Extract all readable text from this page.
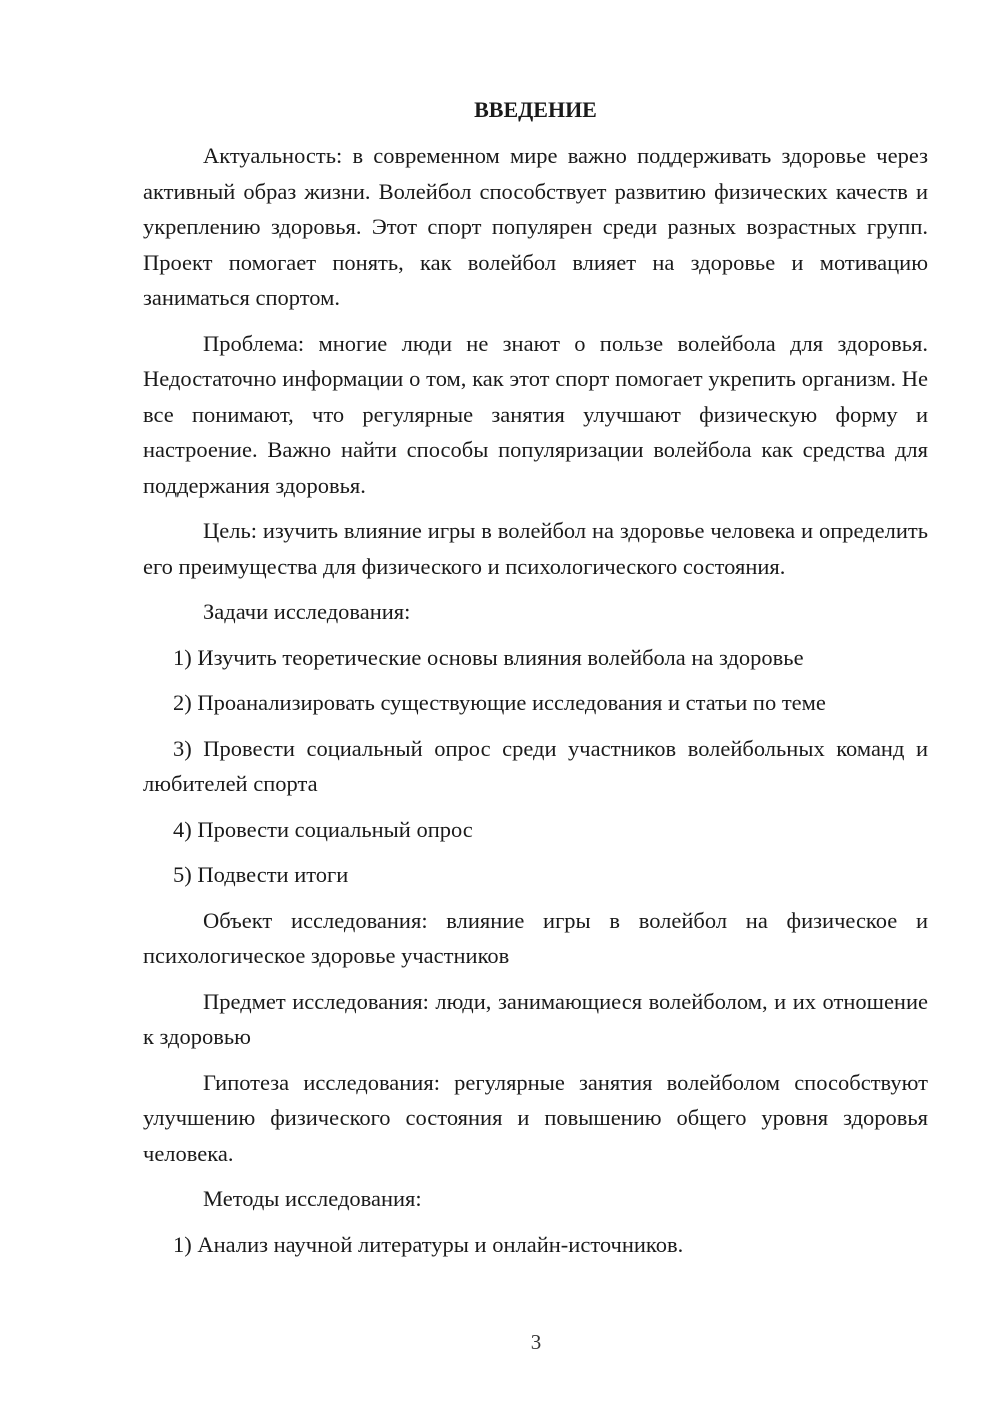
ВВЕДЕНИЕ

Актуальность: в современном мире важно поддерживать здоровье через активный образ жизни. Волейбол способствует развитию физических качеств и укреплению здоровья. Этот спорт популярен среди разных возрастных групп. Проект помогает понять, как волейбол влияет на здоровье и мотивацию заниматься спортом.

Проблема: многие люди не знают о пользе волейбола для здоровья. Недостаточно информации о том, как этот спорт помогает укрепить организм. Не все понимают, что регулярные занятия улучшают физическую форму и настроение. Важно найти способы популяризации волейбола как средства для поддержания здоровья.

Цель: изучить влияние игры в волейбол на здоровье человека и определить его преимущества для физического и психологического состояния.

Задачи исследования:

1) Изучить теоретические основы влияния волейбола на здоровье

2) Проанализировать существующие исследования и статьи по теме

3) Провести социальный опрос среди участников волейбольных команд и любителей спорта

4) Провести социальный опрос

5) Подвести итоги

Объект исследования: влияние игры в волейбол на физическое и психологическое здоровье участников

Предмет исследования: люди, занимающиеся волейболом, и их отношение к здоровью

Гипотеза исследования: регулярные занятия волейболом способствуют улучшению физического состояния и повышению общего уровня здоровья человека.

Методы исследования:

1) Анализ научной литературы и онлайн-источников.

3
